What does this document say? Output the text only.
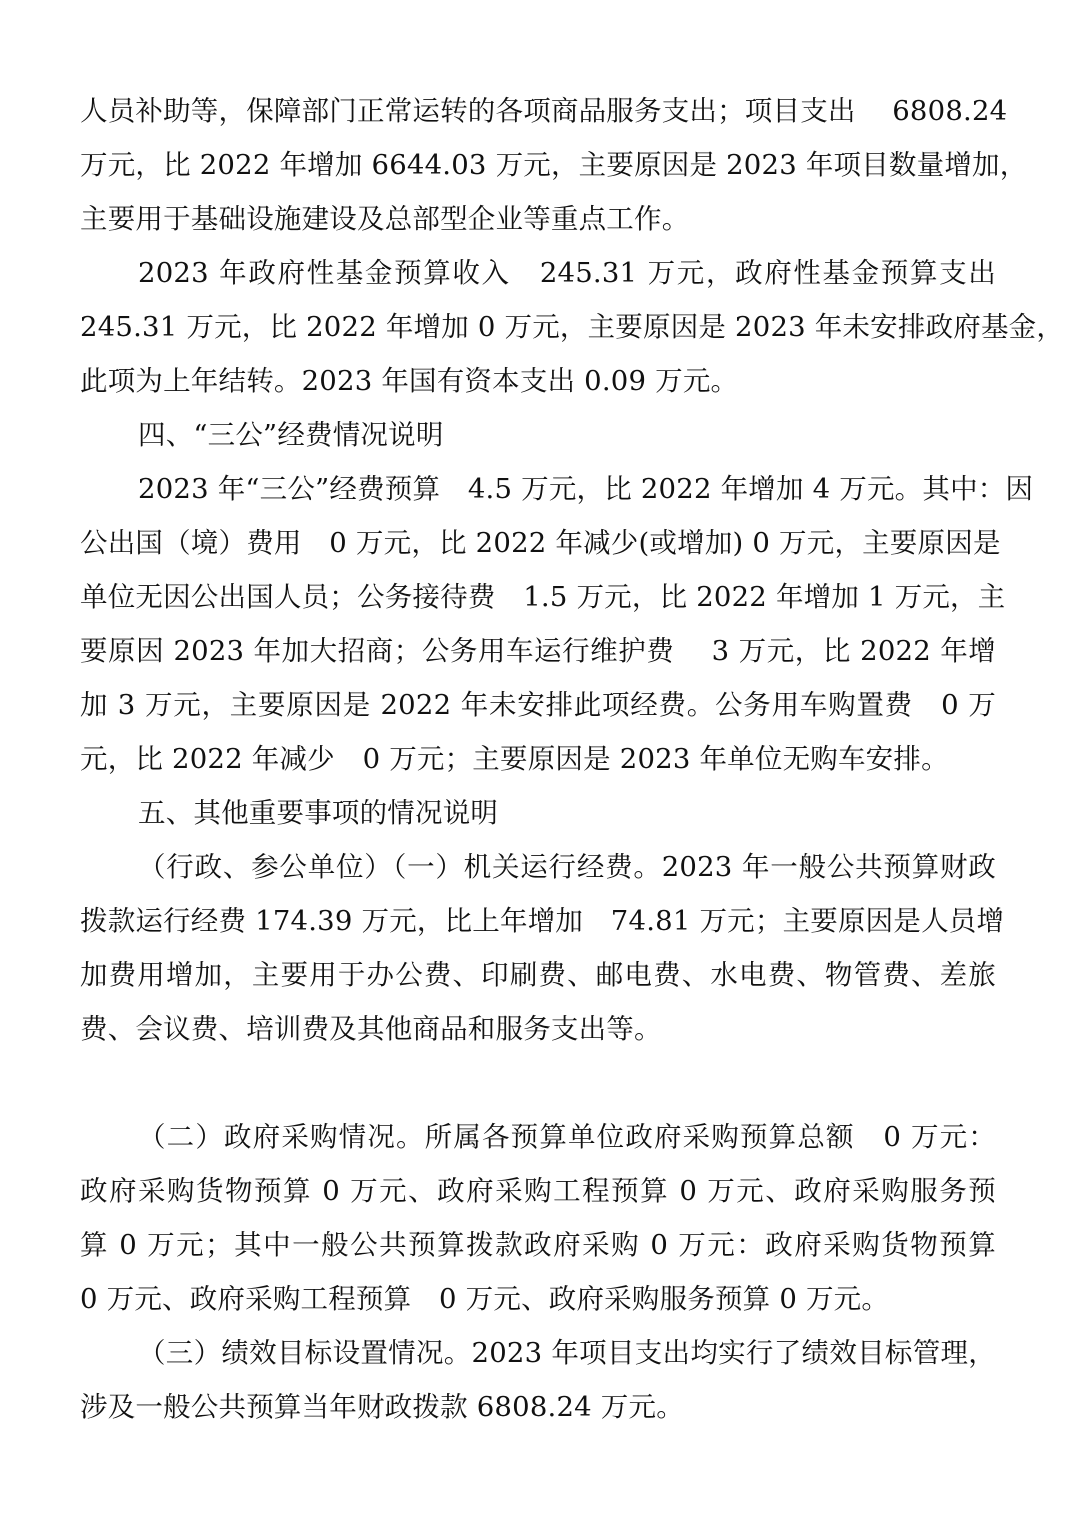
人员补助等，保障部门正常运转的各项商品服务支出；项目支出　 6808.24
万元，比 2022 年增加 6644.03 万元，主要原因是 2023 年项目数量增加，
主要用于基础设施建设及总部型企业等重点工作。
2023 年政府性基金预算收入　245.31 万元，政府性基金预算支出
245.31 万元，比 2022 年增加 0 万元，主要原因是 2023 年未安排政府基金，
此项为上年结转。2023 年国有资本支出 0.09 万元。
四、“三公”经费情况说明
2023 年“三公”经费预算　4.5 万元，比 2022 年增加 4 万元。其中：因
公出国（境）费用　0 万元，比 2022 年减少(或增加) 0 万元，主要原因是
单位无因公出国人员；公务接待费　1.5 万元，比 2022 年增加 1 万元，主
要原因 2023 年加大招商；公务用车运行维护费　 3 万元，比 2022 年增
加 3 万元，主要原因是 2022 年未安排此项经费。公务用车购置费　0 万
元，比 2022 年减少　0 万元；主要原因是 2023 年单位无购车安排。
五、其他重要事项的情况说明
（行政、参公单位）（一）机关运行经费。2023 年一般公共预算财政
拨款运行经费 174.39 万元，比上年增加　74.81 万元；主要原因是人员增
加费用增加，主要用于办公费、印刷费、邮电费、水电费、物管费、差旅
费、会议费、培训费及其他商品和服务支出等。
（二）政府采购情况。所属各预算单位政府采购预算总额　0 万元：
政府采购货物预算 0 万元、政府采购工程预算 0 万元、政府采购服务预
算 0 万元；其中一般公共预算拨款政府采购 0 万元：政府采购货物预算
0 万元、政府采购工程预算　0 万元、政府采购服务预算 0 万元。
（三）绩效目标设置情况。2023 年项目支出均实行了绩效目标管理，
涉及一般公共预算当年财政拨款 6808.24 万元。
